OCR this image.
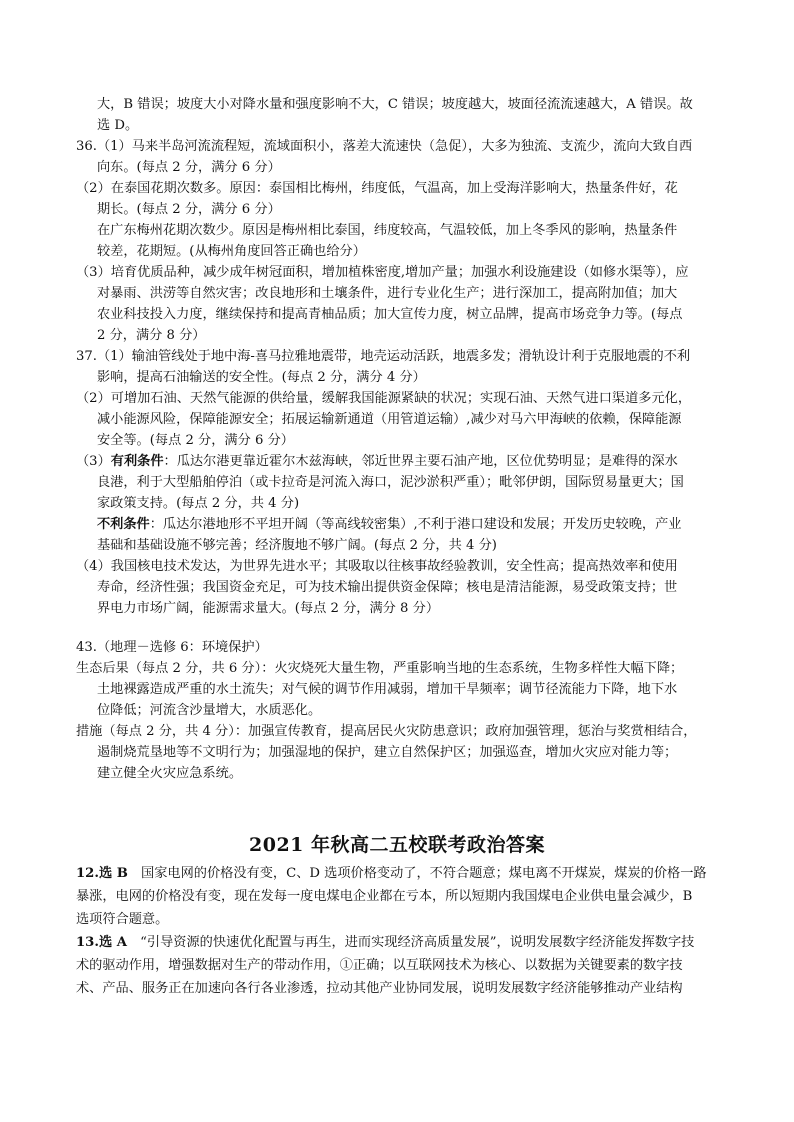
大，B 错误；坡度大小对降水量和强度影响不大，C 错误；坡度越大，坡面径流流速越大，A 错误。故
选 D。
36.（1）马来半岛河流流程短，流域面积小，落差大流速快（急促），大多为独流、支流少，流向大致自西
向东。(每点 2 分，满分 6 分）
（2）在泰国花期次数多。原因：泰国相比梅州，纬度低，气温高，加上受海洋影响大，热量条件好，花
期长。(每点 2 分，满分 6 分）
在广东梅州花期次数少。原因是梅州相比泰国，纬度较高，气温较低，加上冬季风的影响，热量条件
较差，花期短。(从梅州角度回答正确也给分）
（3）培育优质品种，减少成年树冠面积，增加植株密度,增加产量；加强水利设施建设（如修水渠等），应
对暴雨、洪涝等自然灾害；改良地形和土壤条件，进行专业化生产；进行深加工，提高附加值；加大
农业科技投入力度，继续保持和提高青柚品质；加大宣传力度，树立品牌，提高市场竞争力等。(每点
2 分，满分 8 分）
37.（1）输油管线处于地中海-喜马拉雅地震带，地壳运动活跃，地震多发；滑轨设计利于克服地震的不利
影响，提高石油输送的安全性。(每点 2 分，满分 4 分）
（2）可增加石油、天然气能源的供给量，缓解我国能源紧缺的状况；实现石油、天然气进口渠道多元化，
减小能源风险，保障能源安全；拓展运输新通道（用管道运输）,减少对马六甲海峡的依赖，保障能源
安全等。(每点 2 分，满分 6 分）
（3）有利条件：瓜达尔港更靠近霍尔木兹海峡，邻近世界主要石油产地，区位优势明显；是难得的深水
良港，利于大型船舶停泊（或卡拉奇是河流入海口，泥沙淤积严重）；毗邻伊朗，国际贸易量更大；国
家政策支持。(每点 2 分，共 4 分)
不利条件：瓜达尔港地形不平坦开阔（等高线较密集）,不利于港口建设和发展；开发历史较晚，产业
基础和基础设施不够完善；经济腹地不够广阔。(每点 2 分，共 4 分)
（4）我国核电技术发达，为世界先进水平；其吸取以往核事故经验教训，安全性高；提高热效率和使用
寿命，经济性强；我国资金充足，可为技术输出提供资金保障；核电是清洁能源，易受政策支持；世
界电力市场广阔，能源需求量大。(每点 2 分，满分 8 分）
43.（地理－选修 6：环境保护）
生态后果（每点 2 分，共 6 分）：火灾烧死大量生物，严重影响当地的生态系统，生物多样性大幅下降；
土地裸露造成严重的水土流失；对气候的调节作用减弱，增加干旱频率；调节径流能力下降，地下水
位降低；河流含沙量增大，水质恶化。
措施（每点 2 分，共 4 分）：加强宣传教育，提高居民火灾防患意识；政府加强管理，惩治与奖赏相结合，
遏制烧荒垦地等不文明行为；加强湿地的保护，建立自然保护区；加强巡查，增加火灾应对能力等；
建立健全火灾应急系统。
2021 年秋高二五校联考政治答案
12.选 B　国家电网的价格没有变，C、D 选项价格变动了，不符合题意；煤电离不开煤炭，煤炭的价格一路
暴涨，电网的价格没有变，现在发每一度电煤电企业都在亏本，所以短期内我国煤电企业供电量会减少，B
选项符合题意。
13.选 A　“引导资源的快速优化配置与再生，进而实现经济高质量发展”，说明发展数字经济能发挥数字技
术的驱动作用，增强数据对生产的带动作用，①正确；以互联网技术为核心、以数据为关键要素的数字技
术、产品、服务正在加速向各行各业渗透，拉动其他产业协同发展，说明发展数字经济能够推动产业结构
